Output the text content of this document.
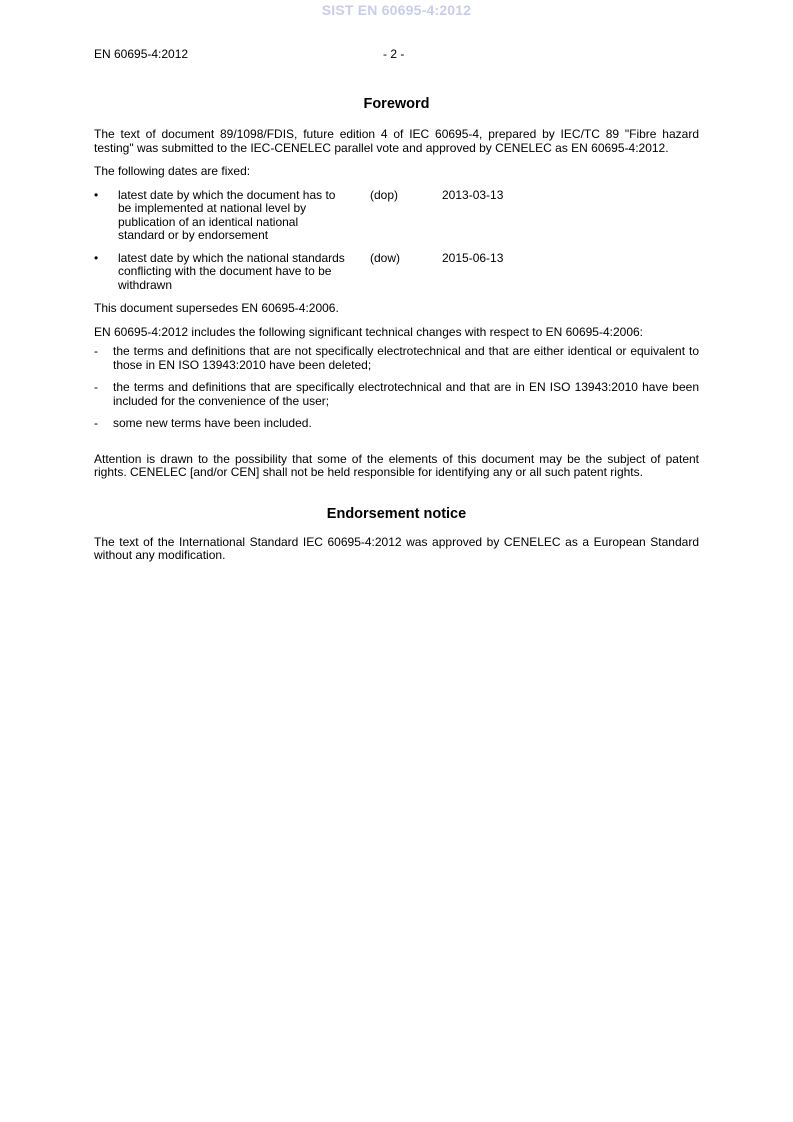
SIST EN 60695-4:2012
EN 60695-4:2012	- 2 -
Foreword

The text of document 89/1098/FDIS, future edition 4 of IEC 60695-4, prepared by IEC/TC 89 "Fibre hazard testing" was submitted to the IEC-CENELEC parallel vote and approved by CENELEC as EN 60695-4:2012.

The following dates are fixed:

• latest date by which the document has to be implemented at national level by publication of an identical national standard or by endorsement
(dop)	2013-03-13
• latest date by which the national standards conflicting with the document have to be withdrawn
(dow)	2015-06-13

This document supersedes EN 60695-4:2006.

EN 60695-4:2012 includes the following significant technical changes with respect to EN 60695-4:2006:

- the terms and definitions that are not specifically electrotechnical and that are either identical or equivalent to those in EN ISO 13943:2010 have been deleted;
- the terms and definitions that are specifically electrotechnical and that are in EN ISO 13943:2010 have been included for the convenience of the user;
- some new terms have been included.

Attention is drawn to the possibility that some of the elements of this document may be the subject of patent rights. CENELEC [and/or CEN] shall not be held responsible for identifying any or all such patent rights.

Endorsement notice

The text of the International Standard IEC 60695-4:2012 was approved by CENELEC as a European Standard without any modification.
